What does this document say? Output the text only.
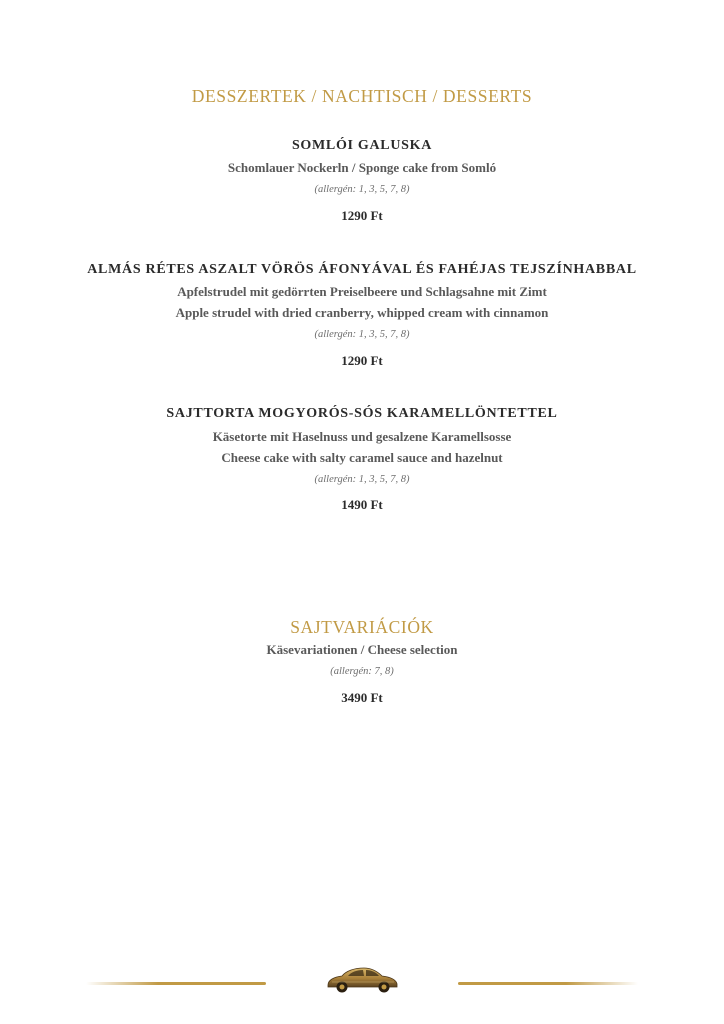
DESSZERTEK / NACHTISCH / DESSERTS
SOMLÓI GALUSKA
Schomlauer Nockerln / Sponge cake from Somló
(allergén: 1, 3, 5, 7, 8)
1290 Ft
ALMÁS RÉTES ASZALT VÖRÖS ÁFONYÁVAL ÉS FAHÉJAS TEJSZÍNHABBAL
Apfelstrudel mit gedörrten Preiselbeere und Schlagsahne mit Zimt
Apple strudel with dried cranberry, whipped cream with cinnamon
(allergén: 1, 3, 5, 7, 8)
1290 Ft
SAJTTORTA MOGYORÓS-SÓS KARAMELLÖNTETTEL
Käsetorte mit Haselnuss und gesalzene Karamellsosse
Cheese cake with salty caramel sauce and hazelnut
(allergén: 1, 3, 5, 7, 8)
1490 Ft
SAJTVARIÁCIÓK
Käsevariationen / Cheese selection
(allergén: 7, 8)
3490 Ft
